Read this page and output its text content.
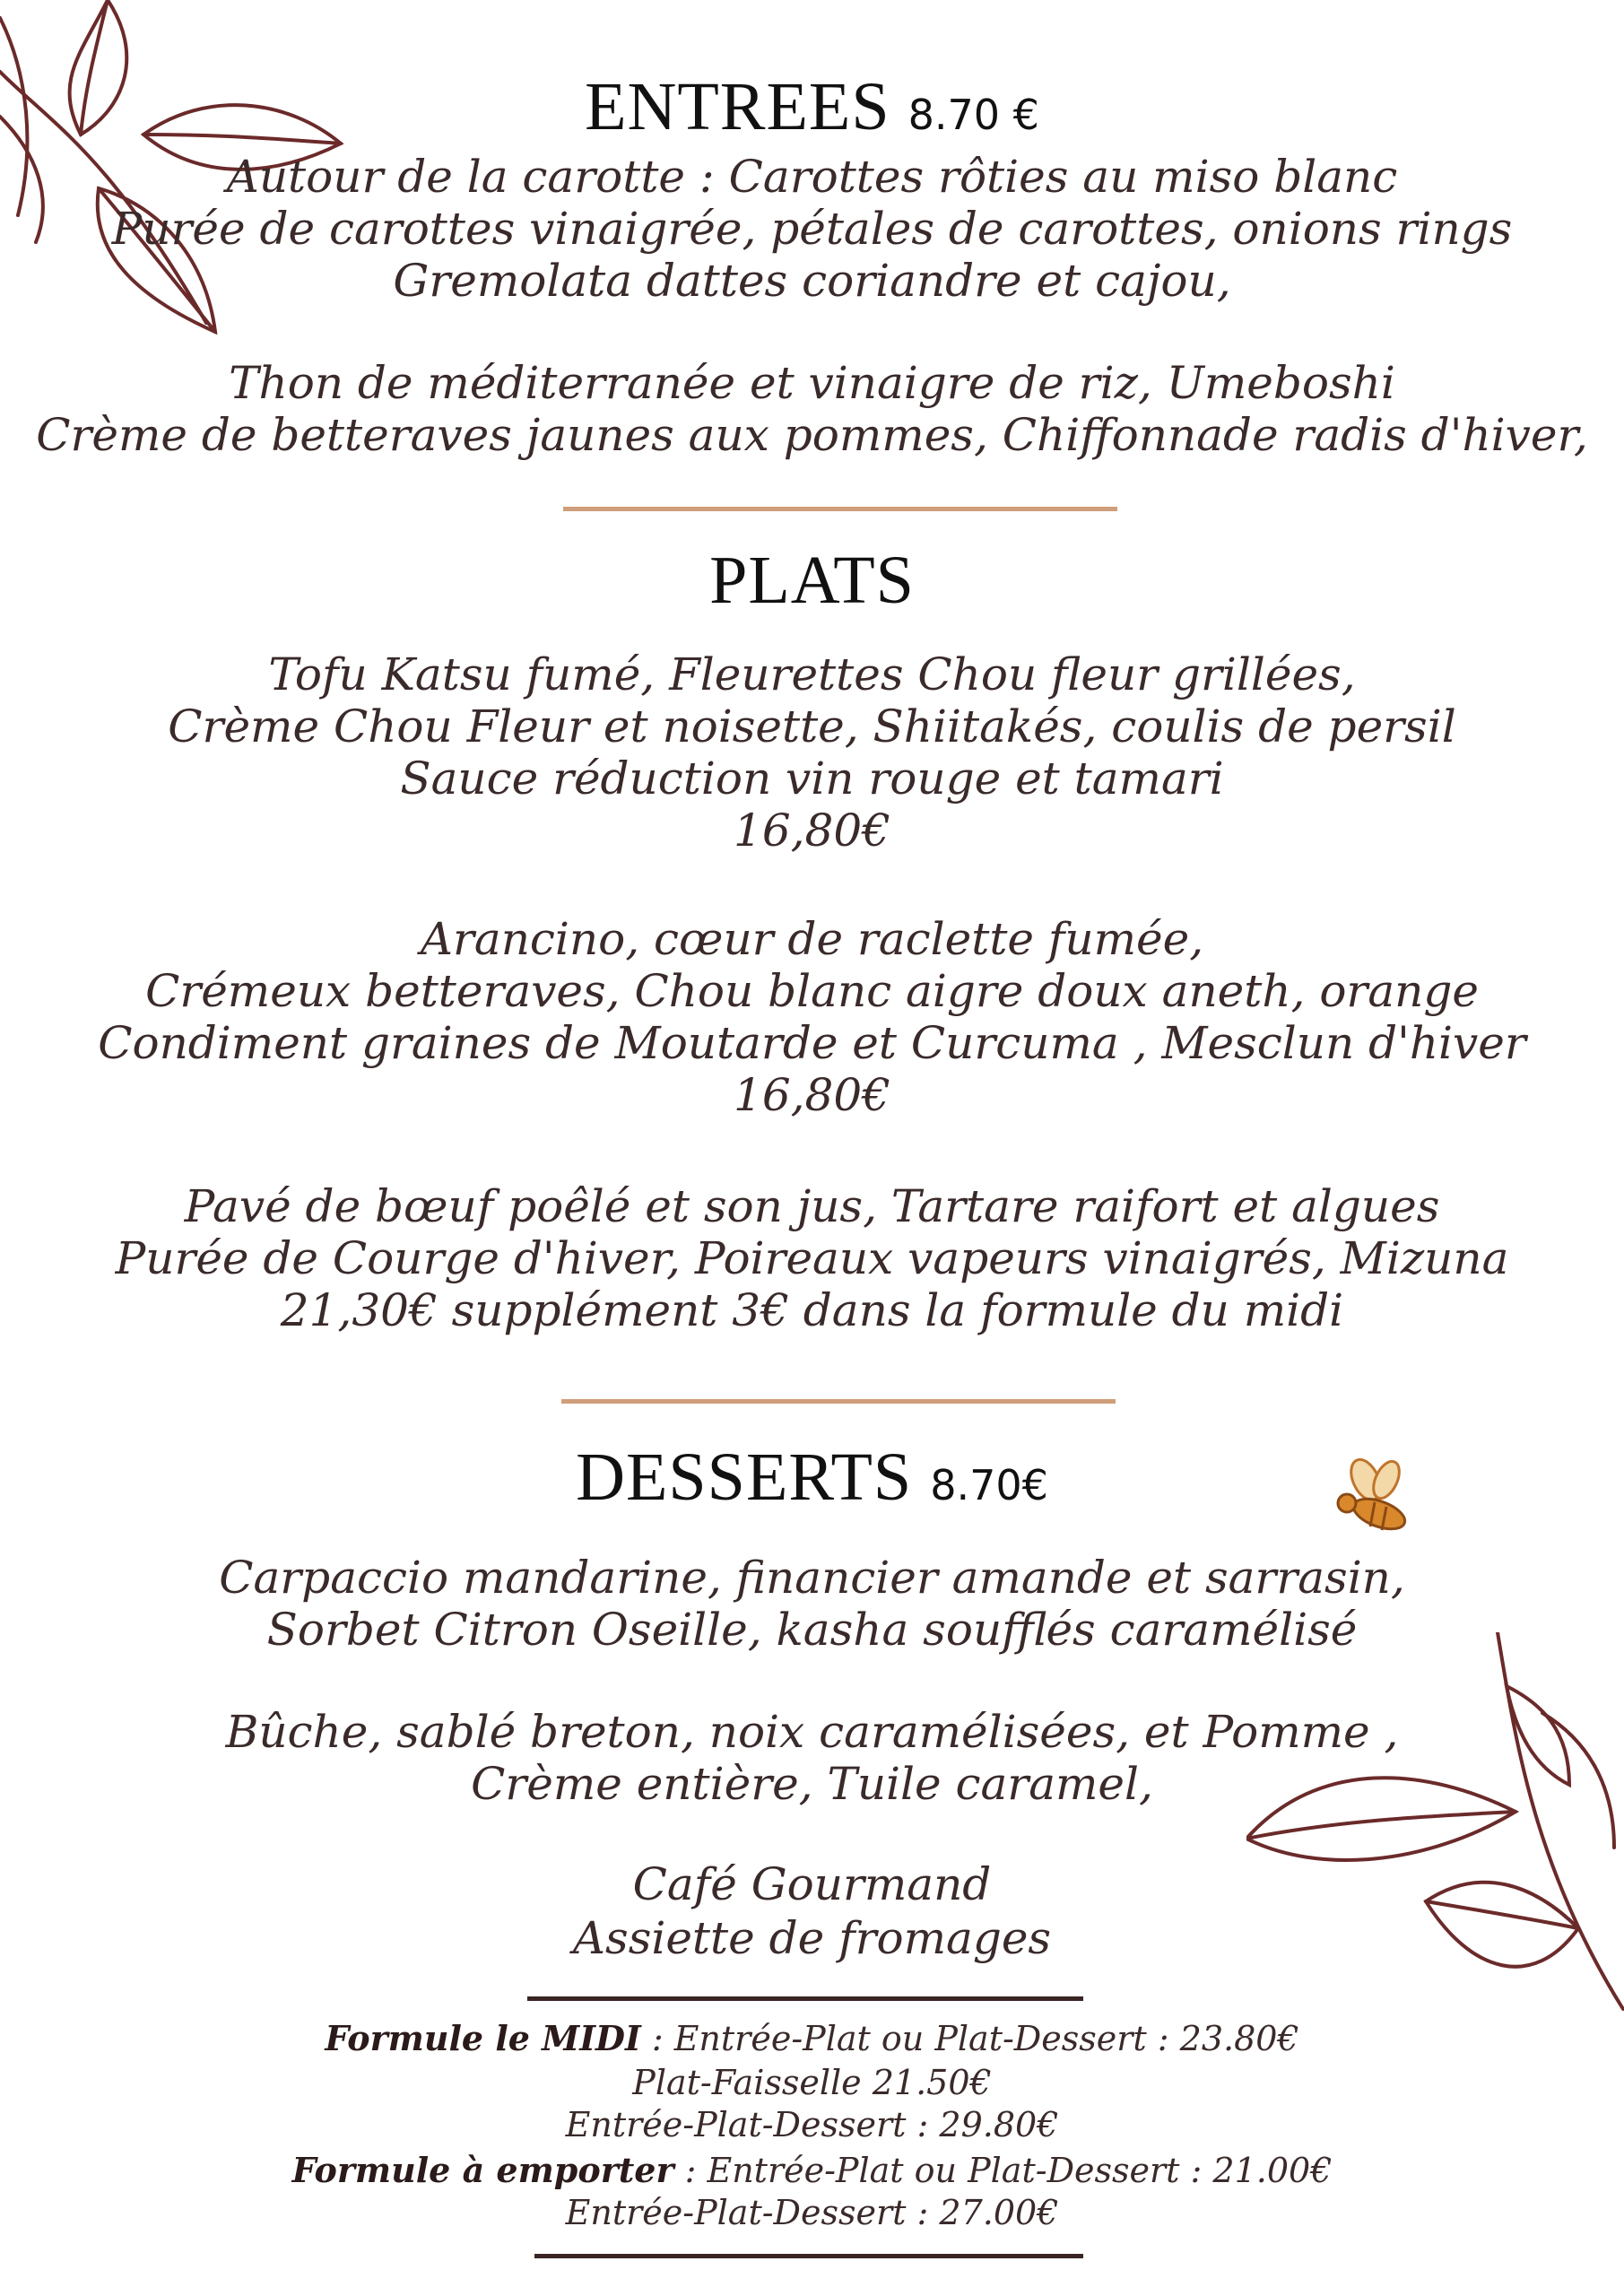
ENTREES 8.70 €
Autour de la carotte : Carottes rôties au miso blanc
Purée de carottes vinaigrée, pétales de carottes, onions rings
Gremolata dattes coriandre et cajou,
Thon de méditerranée et vinaigre de riz, Umeboshi
Crème de betteraves jaunes aux pommes, Chiffonnade radis d'hiver,
PLATS
Tofu Katsu fumé, Fleurettes Chou fleur grillées,
Crème Chou Fleur et noisette, Shiitakés, coulis de persil
Sauce réduction vin rouge et tamari
16,80€
Arancino, cœur de raclette fumée,
Crémeux betteraves, Chou blanc aigre doux aneth, orange
Condiment graines de Moutarde et Curcuma , Mesclun d'hiver
16,80€
Pavé de bœuf poêlé et son jus, Tartare raifort et algues
Purée de Courge d'hiver, Poireaux vapeurs vinaigrés, Mizuna
21,30€ supplément 3€ dans la formule du midi
DESSERTS 8.70€
Carpaccio mandarine, financier amande et sarrasin,
Sorbet Citron Oseille, kasha soufflés caramélisé
Bûche, sablé breton, noix caramélisées, et Pomme ,
Crème entière, Tuile caramel,
Café Gourmand
Assiette de fromages
Formule le MIDI : Entrée-Plat ou Plat-Dessert : 23.80€
Plat-Faisselle 21.50€
Entrée-Plat-Dessert : 29.80€
Formule à emporter : Entrée-Plat ou Plat-Dessert : 21.00€
Entrée-Plat-Dessert : 27.00€
